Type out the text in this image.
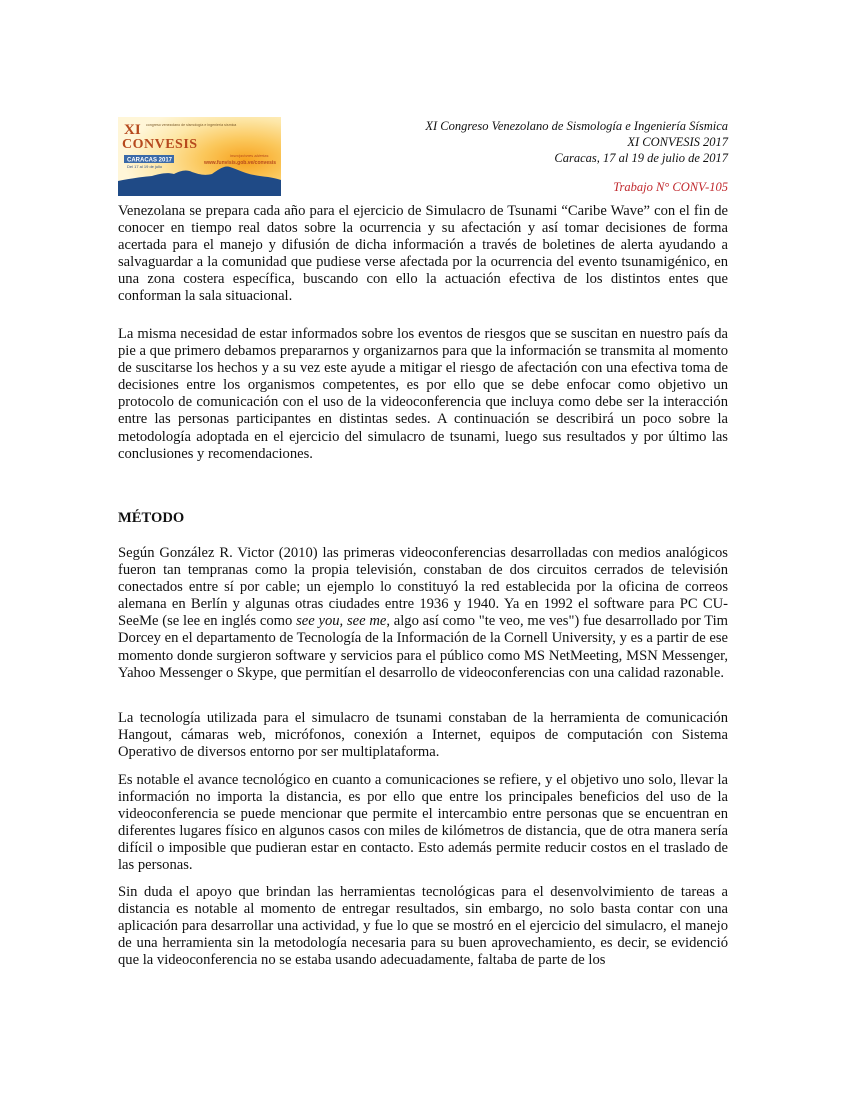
XI congreso venezolano de sismología e ingeniería sísmica
CONVESIS
CARACAS 2017
Del 17 al 19 de julio
inscripciones abiertas
www.funvisis.gob.ve/convesis
XI Congreso Venezolano de Sismología e Ingeniería Sísmica
XI CONVESIS 2017
Caracas, 17 al 19 de julio de 2017
Trabajo N° CONV-105

Venezolana se prepara cada año para el ejercicio de Simulacro de Tsunami “Caribe Wave” con el fin de conocer en tiempo real datos sobre la ocurrencia y su afectación y así tomar decisiones de forma acertada para el manejo y difusión de dicha información a través de boletines de alerta ayudando a salvaguardar a la comunidad que pudiese verse afectada por la ocurrencia del evento tsunamigénico, en una zona costera específica, buscando con ello la actuación efectiva de los distintos entes que conforman la sala situacional.

La misma necesidad de estar informados sobre los eventos de riesgos que se suscitan en nuestro país da pie a que primero debamos prepararnos y organizarnos para que la información se transmita al momento de suscitarse los hechos y a su vez este ayude a mitigar el riesgo de afectación con una efectiva toma de decisiones entre los organismos competentes, es por ello que se debe enfocar como objetivo un protocolo de comunicación con el uso de la videoconferencia que incluya como debe ser la interacción entre las personas participantes en distintas sedes. A continuación se describirá un poco sobre la metodología adoptada en el ejercicio del simulacro de tsunami, luego sus resultados y por último las conclusiones y recomendaciones.

MÉTODO

Según González R. Victor (2010) las primeras videoconferencias desarrolladas con medios analógicos fueron tan tempranas como la propia televisión, constaban de dos circuitos cerrados de televisión conectados entre sí por cable; un ejemplo lo constituyó la red establecida por la oficina de correos alemana en Berlín y algunas otras ciudades entre 1936 y 1940. Ya en 1992 el software para PC CU-SeeMe (se lee en inglés como see you, see me, algo así como "te veo, me ves") fue desarrollado por Tim Dorcey en el departamento de Tecnología de la Información de la Cornell University, y es a partir de ese momento donde surgieron software y servicios para el público como MS NetMeeting, MSN Messenger, Yahoo Messenger o Skype, que permitían el desarrollo de videoconferencias con una calidad razonable.

La tecnología utilizada para el simulacro de tsunami constaban de la herramienta de comunicación Hangout, cámaras web, micrófonos, conexión a Internet, equipos de computación con Sistema Operativo de diversos entorno por ser multiplataforma.

Es notable el avance tecnológico en cuanto a comunicaciones se refiere, y el objetivo uno solo, llevar la información no importa la distancia, es por ello que entre los principales beneficios del uso de la videoconferencia se puede mencionar que permite el intercambio entre personas que se encuentran en diferentes lugares físico en algunos casos con miles de kilómetros de distancia, que de otra manera sería difícil o imposible que pudieran estar en contacto. Esto además permite reducir costos en el traslado de las personas.

Sin duda el apoyo que brindan las herramientas tecnológicas para el desenvolvimiento de tareas a distancia es notable al momento de entregar resultados, sin embargo, no solo basta contar con una aplicación para desarrollar una actividad, y fue lo que se mostró en el ejercicio del simulacro, el manejo de una herramienta sin la metodología necesaria para su buen aprovechamiento, es decir, se evidenció que la videoconferencia no se estaba usando adecuadamente, faltaba de parte de los
